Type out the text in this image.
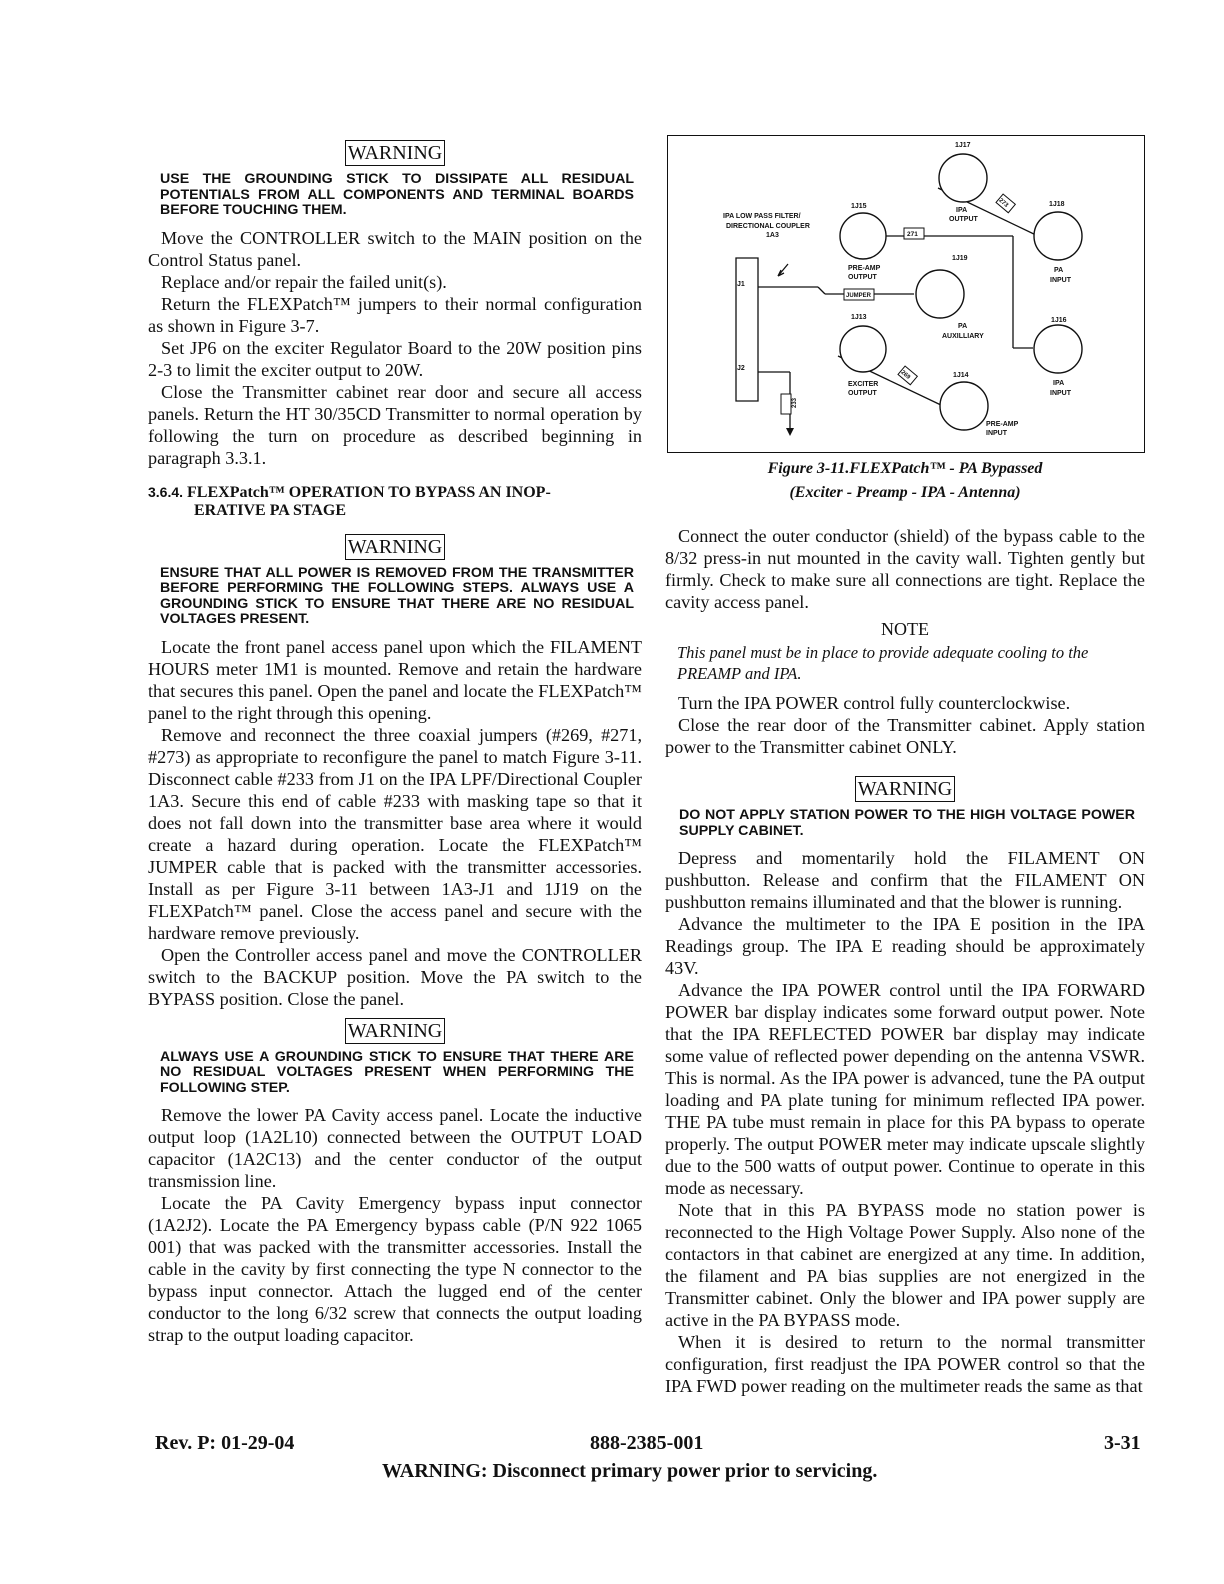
WARNING
USE THE GROUNDING STICK TO DISSIPATE ALL RESIDUAL POTENTIALS FROM ALL COMPONENTS AND TERMINAL BOARDS BEFORE TOUCHING THEM.

Move the CONTROLLER switch to the MAIN position on the Control Status panel.

Replace and/or repair the failed unit(s).

Return the FLEXPatch™ jumpers to their normal configuration as shown in Figure 3-7.

Set JP6 on the exciter Regulator Board to the 20W position pins 2-3 to limit the exciter output to 20W.

Close the Transmitter cabinet rear door and secure all access panels. Return the HT 30/35CD Transmitter to normal operation by following the turn on procedure as described beginning in paragraph 3.3.1.

3.6.4. FLEXPatch™ OPERATION TO BYPASS AN INOP-
ERATIVE PA STAGE
WARNING
ENSURE THAT ALL POWER IS REMOVED FROM THE TRANSMITTER BEFORE PERFORMING THE FOLLOWING STEPS. ALWAYS USE A GROUNDING STICK TO ENSURE THAT THERE ARE NO RESIDUAL VOLTAGES PRESENT.

Locate the front panel access panel upon which the FILAMENT HOURS meter 1M1 is mounted. Remove and retain the hardware that secures this panel. Open the panel and locate the FLEXPatch™ panel to the right through this opening.

Remove and reconnect the three coaxial jumpers (#269, #271, #273) as appropriate to reconfigure the panel to match Figure 3-11. Disconnect cable #233 from J1 on the IPA LPF/Directional Coupler 1A3. Secure this end of cable #233 with masking tape so that it does not fall down into the transmitter base area where it would create a hazard during operation. Locate the FLEXPatch™ JUMPER cable that is packed with the transmitter accessories. Install as per Figure 3-11 between 1A3-J1 and 1J19 on the FLEXPatch™ panel. Close the access panel and secure with the hardware remove previously.

Open the Controller access panel and move the CONTROLLER switch to the BACKUP position. Move the PA switch to the BYPASS position. Close the panel.

WARNING
ALWAYS USE A GROUNDING STICK TO ENSURE THAT THERE ARE NO RESIDUAL VOLTAGES PRESENT WHEN PERFORMING THE FOLLOWING STEP.

Remove the lower PA Cavity access panel. Locate the inductive output loop (1A2L10) connected between the OUTPUT LOAD capacitor (1A2C13) and the center conductor of the output transmission line.

Locate the PA Cavity Emergency bypass input connector (1A2J2). Locate the PA Emergency bypass cable (P/N 922 1065 001) that was packed with the transmitter accessories. Install the cable in the cavity by first connecting the type N connector to the bypass input connector. Attach the lugged end of the center conductor to the long 6/32 screw that connects the output loading strap to the output loading capacitor.

1J17
1J15	1J18
1J19
1J13	1J16
1J14
IPA LOW PASS FILTER/
DIRECTIONAL COUPLER
1A3
IPA
OUTPUT
PRE-AMP
OUTPUT
PA
INPUT
PA
AUXILLIARY
EXCITER
OUTPUT
IPA
INPUT
PRE-AMP
INPUT
J1
J2
273
271
JUMPER
269
233
Figure 3-11.FLEXPatch™ - PA Bypassed
(Exciter - Preamp - IPA - Antenna)

Connect the outer conductor (shield) of the bypass cable to the 8/32 press-in nut mounted in the cavity wall. Tighten gently but firmly. Check to make sure all connections are tight. Replace the cavity access panel.

NOTE
This panel must be in place to provide adequate cooling to the PREAMP and IPA.

Turn the IPA POWER control fully counterclockwise.

Close the rear door of the Transmitter cabinet. Apply station power to the Transmitter cabinet ONLY.

WARNING
DO NOT APPLY STATION POWER TO THE HIGH VOLTAGE POWER SUPPLY CABINET.

Depress and momentarily hold the FILAMENT ON pushbutton. Release and confirm that the FILAMENT ON pushbutton remains illuminated and that the blower is running.

Advance the multimeter to the IPA E position in the IPA Readings group. The IPA E reading should be approximately 43V.

Advance the IPA POWER control until the IPA FORWARD POWER bar display indicates some forward output power. Note that the IPA REFLECTED POWER bar display may indicate some value of reflected power depending on the antenna VSWR. This is normal. As the IPA power is advanced, tune the PA output loading and PA plate tuning for minimum reflected IPA power. THE PA tube must remain in place for this PA bypass to operate properly. The output POWER meter may indicate upscale slightly due to the 500 watts of output power. Continue to operate in this mode as necessary.

Note that in this PA BYPASS mode no station power is reconnected to the High Voltage Power Supply. Also none of the contactors in that cabinet are energized at any time. In addition, the filament and PA bias supplies are not energized in the Transmitter cabinet. Only the blower and IPA power supply are active in the PA BYPASS mode.

When it is desired to return to the normal transmitter configuration, first readjust the IPA POWER control so that the IPA FWD power reading on the multimeter reads the same as that

Rev. P: 01-29-04	888-2385-001	3-31
WARNING: Disconnect primary power prior to servicing.
